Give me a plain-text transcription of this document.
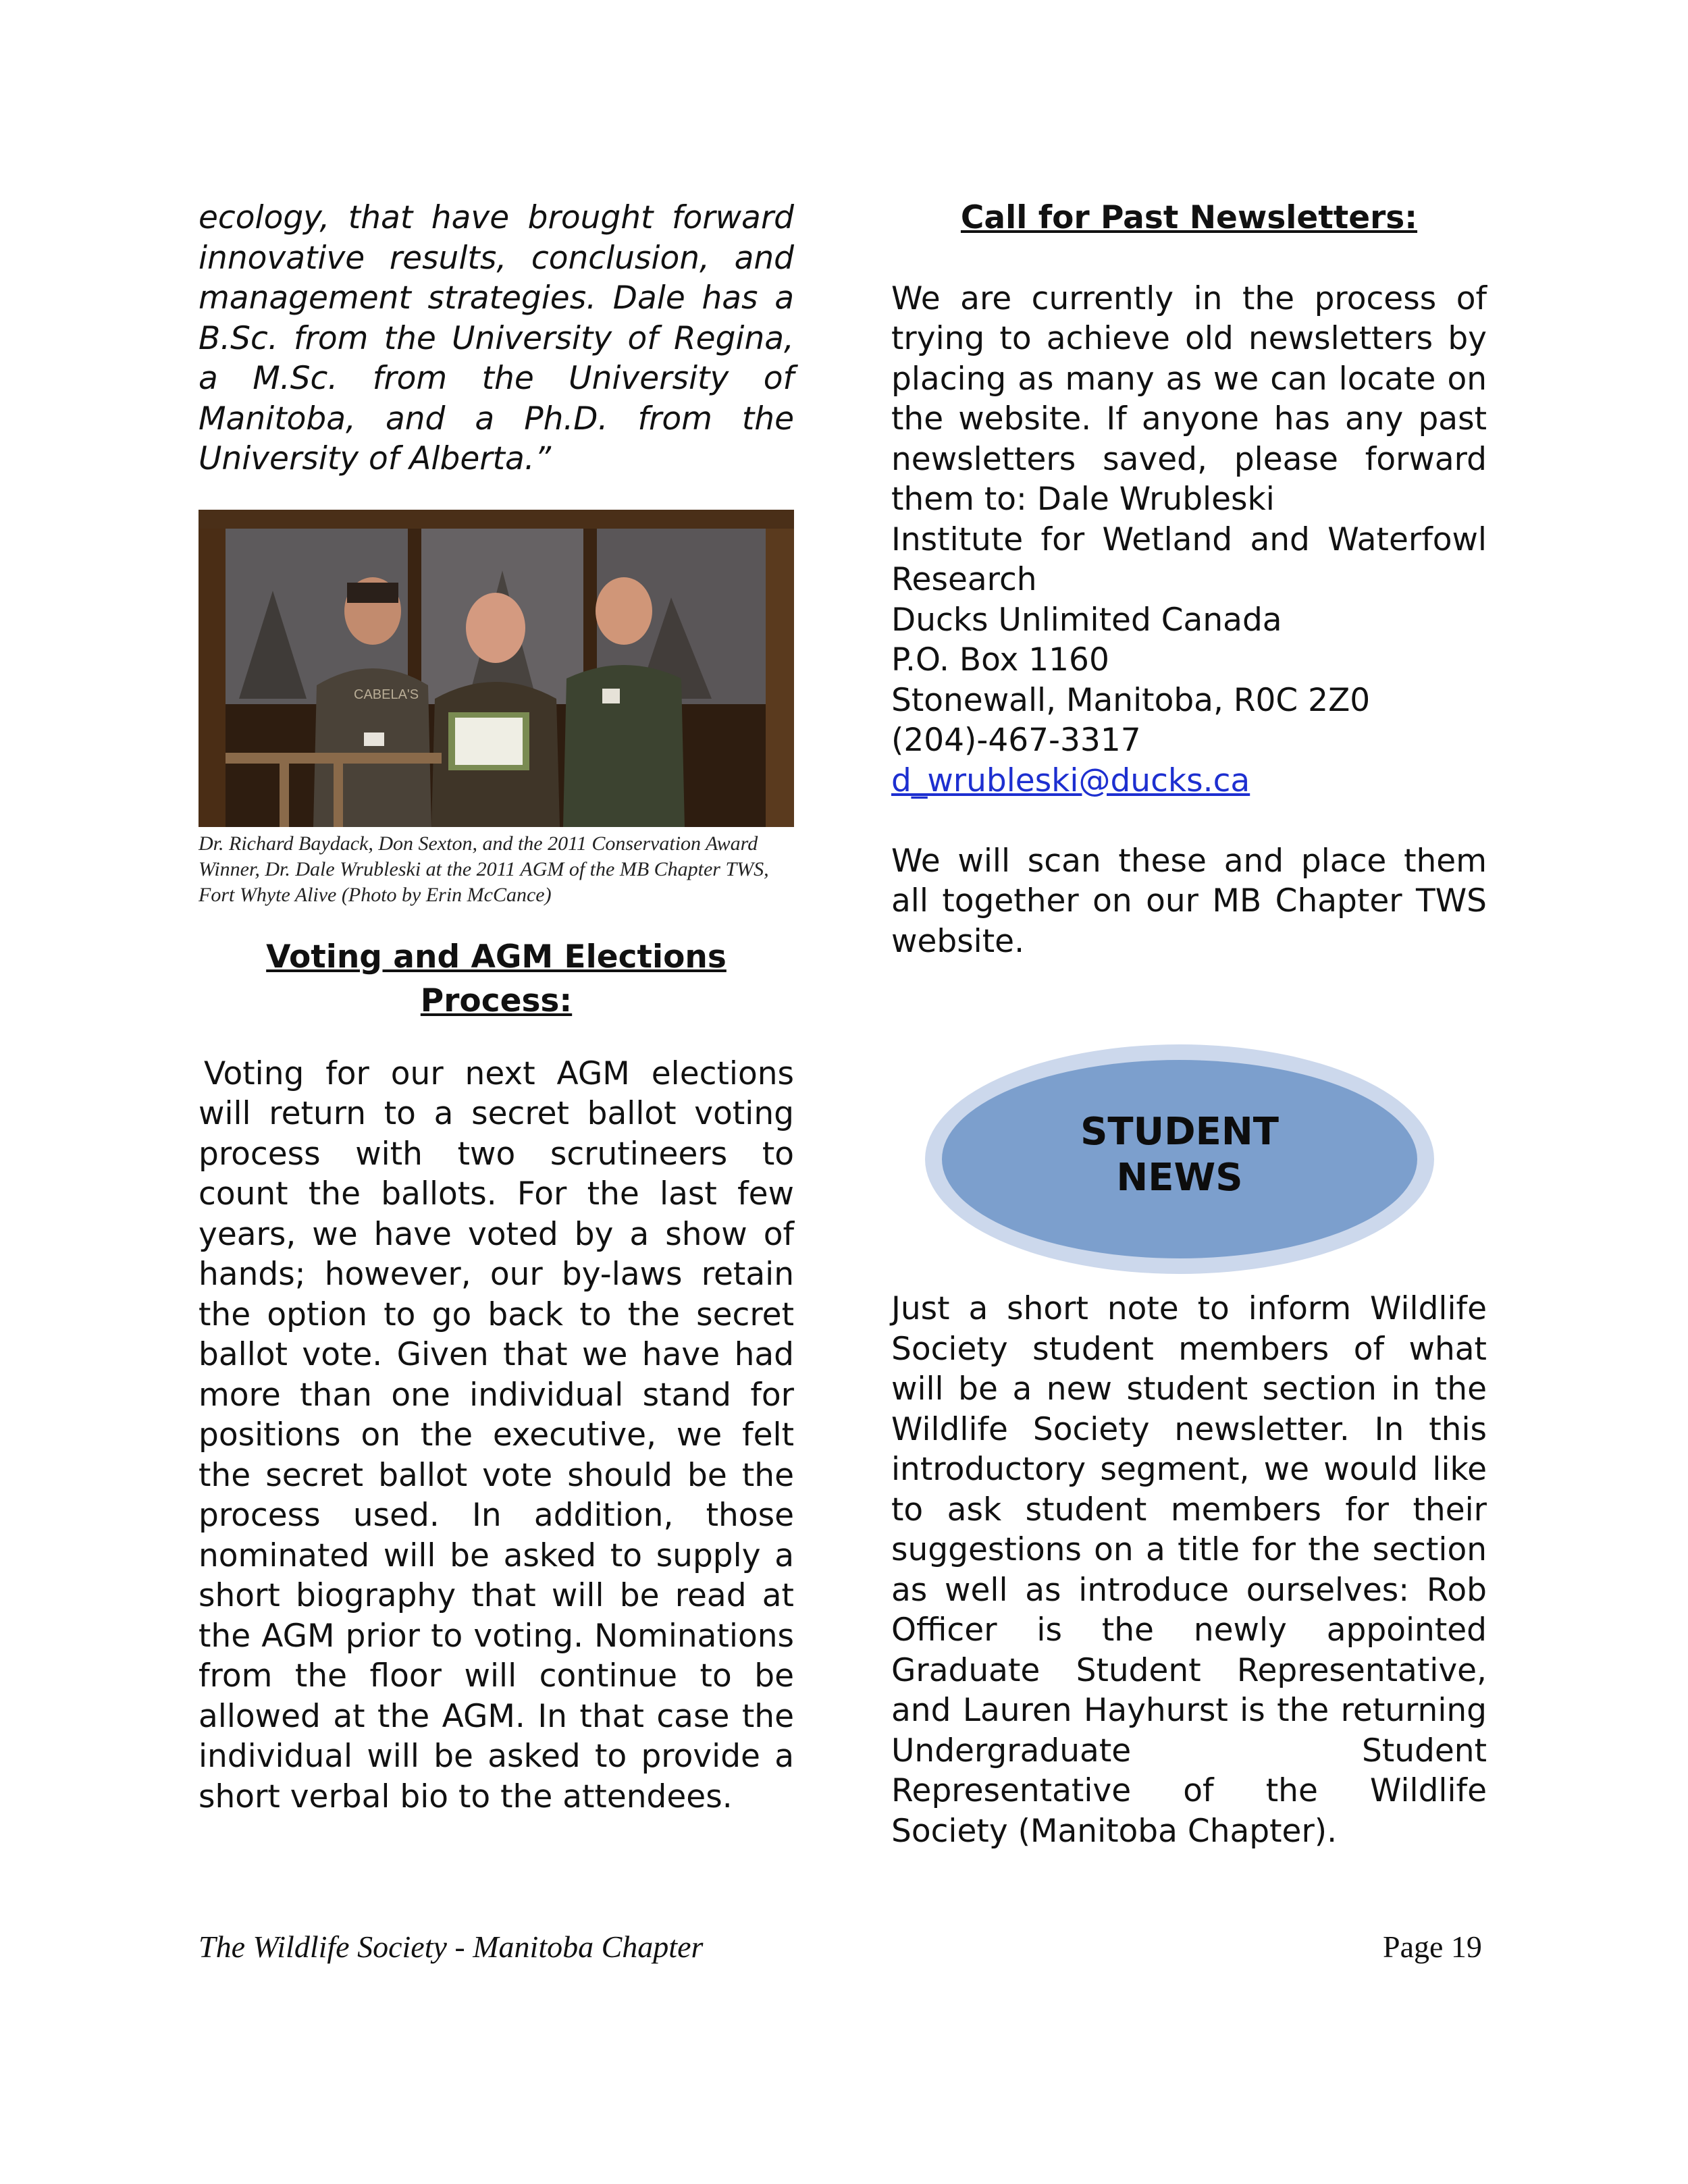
ecology, that have brought forward innovative results, conclusion, and management strategies. Dale has a B.Sc. from the University of Regina, a M.Sc. from the University of Manitoba, and a Ph.D. from the University of Alberta.”

CABELA'S
Dr. Richard Baydack, Don Sexton, and the 2011 Conservation Award Winner, Dr. Dale Wrubleski at the 2011 AGM of the MB Chapter TWS, Fort Whyte Alive (Photo by Erin McCance)
Voting and AGM Elections Process:

Voting for our next AGM elections will return to a secret ballot voting process with two scrutineers to count the ballots. For the last few years, we have voted by a show of hands; however, our by-laws retain the option to go back to the secret ballot vote. Given that we have had more than one individual stand for positions on the executive, we felt the secret ballot vote should be the process used. In addition, those nominated will be asked to supply a short biography that will be read at the AGM prior to voting. Nominations from the floor will continue to be allowed at the AGM. In that case the individual will be asked to provide a short verbal bio to the attendees.

Call for Past Newsletters:

We are currently in the process of trying to achieve old newsletters by placing as many as we can locate on the website. If anyone has any past newsletters saved, please forward them to: Dale Wrubleski

Institute for Wetland and Waterfowl Research

Ducks Unlimited Canada

P.O. Box 1160

Stonewall, Manitoba, R0C 2Z0

(204)-467-3317

d_wrubleski@ducks.ca

We will scan these and place them all together on our MB Chapter TWS website.

STUDENT
NEWS

Just a short note to inform Wildlife Society student members of what will be a new student section in the Wildlife Society newsletter. In this introductory segment, we would like to ask student members for their suggestions on a title for the section as well as introduce ourselves: Rob Officer is the newly appointed Graduate Student Representative, and Lauren Hayhurst is the returning Undergraduate Student Representative of the Wildlife Society (Manitoba Chapter).

The Wildlife Society - Manitoba Chapter	Page 19
